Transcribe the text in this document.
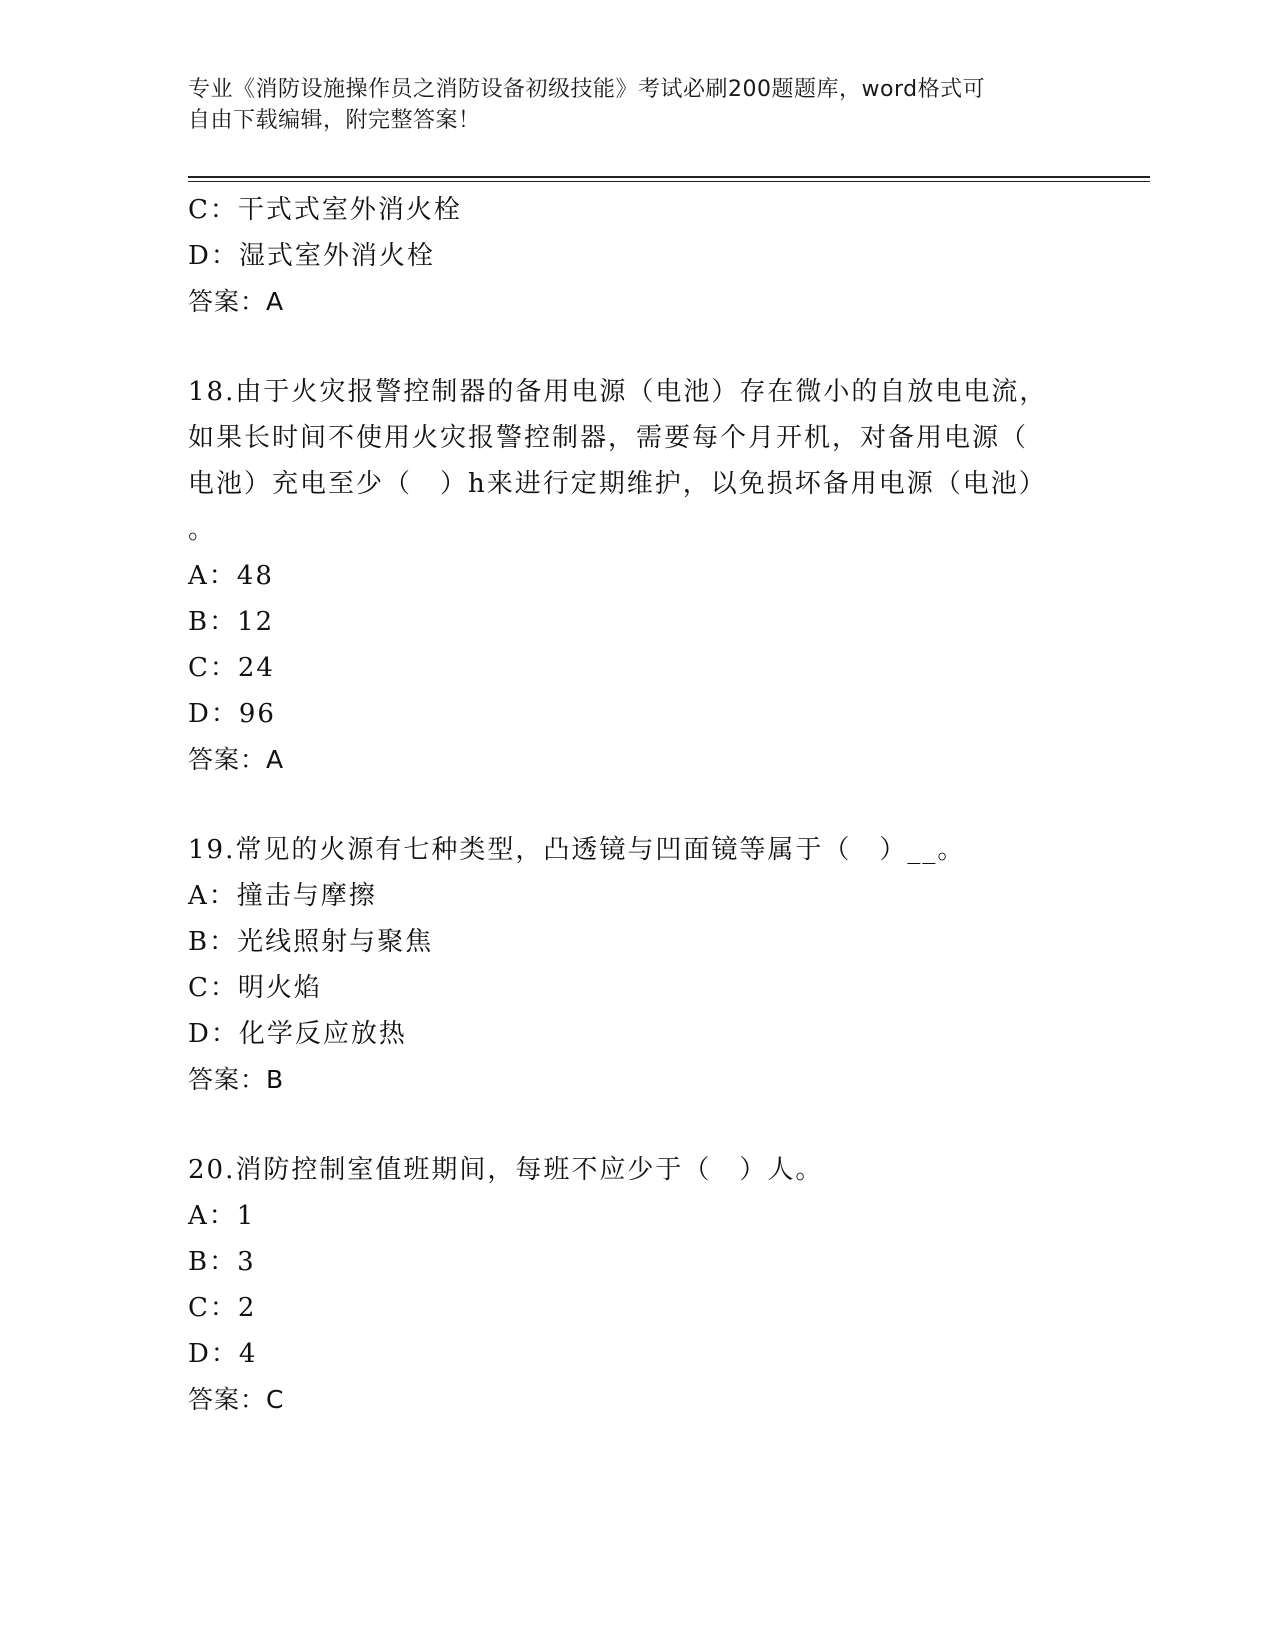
专业《消防设施操作员之消防设备初级技能》考试必刷200题题库，word格式可
自由下载编辑，附完整答案！
C：干式式室外消火栓
D：湿式室外消火栓
答案：A
18.由于火灾报警控制器的备用电源（电池）存在微小的自放电电流，
如果长时间不使用火灾报警控制器，需要每个月开机，对备用电源（
电池）充电至少（　）h来进行定期维护，以免损坏备用电源（电池）
。
A：48
B：12
C：24
D：96
答案：A
19.常见的火源有七种类型，凸透镜与凹面镜等属于（　）__。
A：撞击与摩擦
B：光线照射与聚焦
C：明火焰
D：化学反应放热
答案：B
20.消防控制室值班期间，每班不应少于（　）人。
A：1
B：3
C：2
D：4
答案：C
